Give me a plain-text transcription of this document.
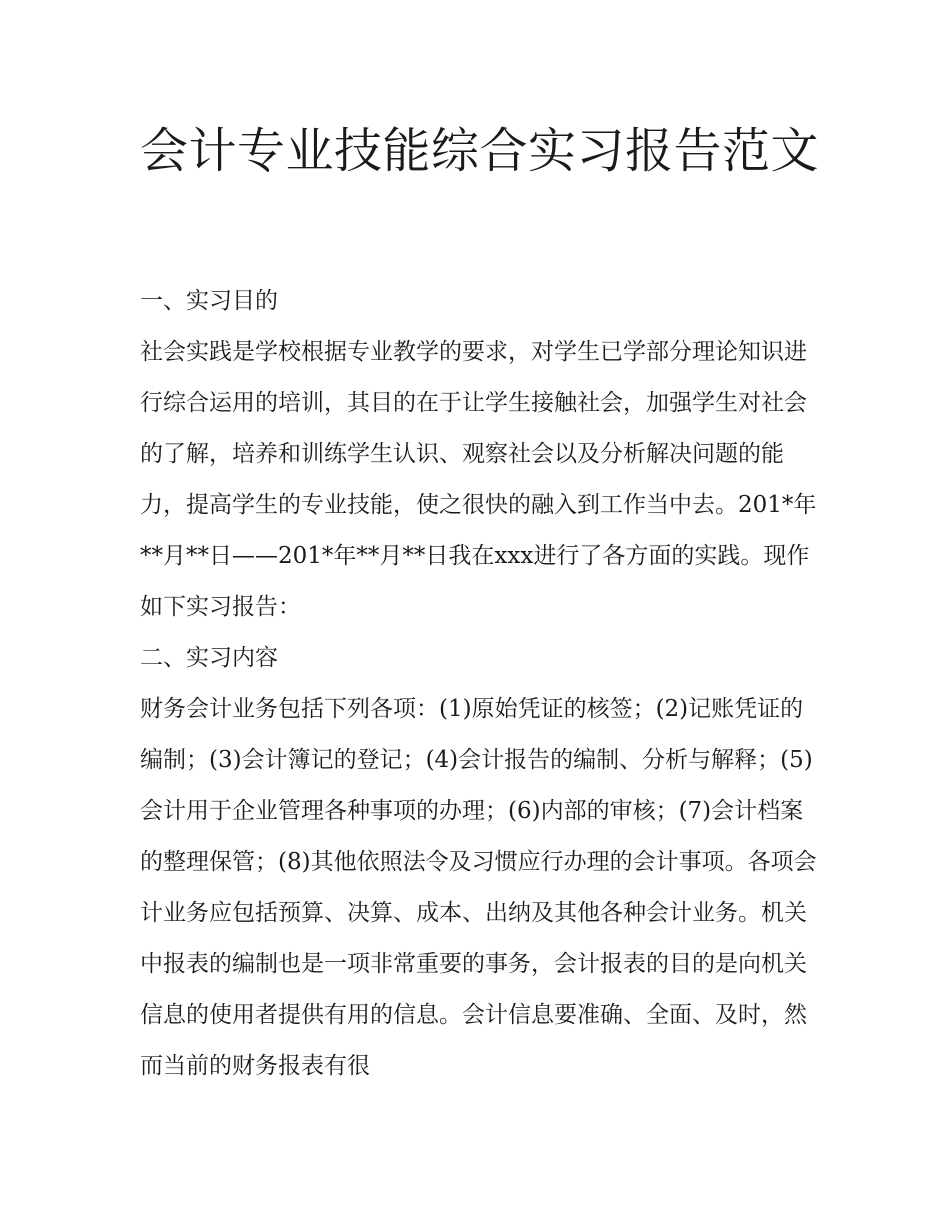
会计专业技能综合实习报告范文

一、实习目的

社会实践是学校根据专业教学的要求，对学生已学部分理论知识进行综合运用的培训，其目的在于让学生接触社会，加强学生对社会的了解，培养和训练学生认识、观察社会以及分析解决问题的能力，提高学生的专业技能，使之很快的融入到工作当中去。201*年**月**日——201*年**月**日我在xxx进行了各方面的实践。现作如下实习报告：

二、实习内容

财务会计业务包括下列各项：(1)原始凭证的核签；(2)记账凭证的编制；(3)会计簿记的登记；(4)会计报告的编制、分析与解释；(5)会计用于企业管理各种事项的办理；(6)内部的审核；(7)会计档案的整理保管；(8)其他依照法令及习惯应行办理的会计事项。各项会计业务应包括预算、决算、成本、出纳及其他各种会计业务。机关中报表的编制也是一项非常重要的事务，会计报表的目的是向机关信息的使用者提供有用的信息。会计信息要准确、全面、及时，然而当前的财务报表有很
